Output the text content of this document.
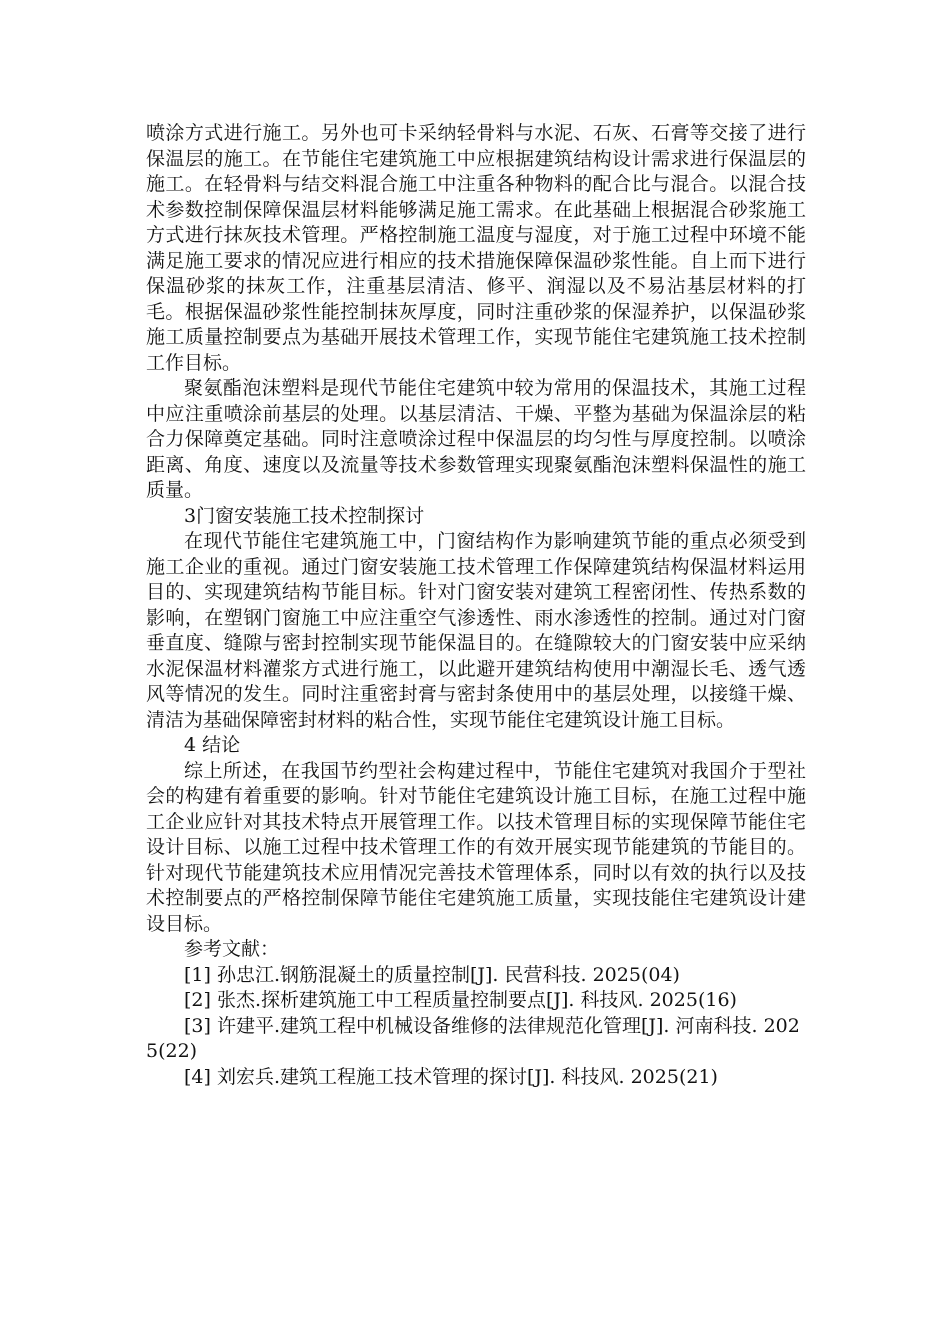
喷涂方式进行施工。另外也可卡采纳轻骨料与水泥、石灰、石膏等交接了进行保温层的施工。在节能住宅建筑施工中应根据建筑结构设计需求进行保温层的施工。在轻骨料与结交料混合施工中注重各种物料的配合比与混合。以混合技术参数控制保障保温层材料能够满足施工需求。在此基础上根据混合砂浆施工方式进行抹灰技术管理。严格控制施工温度与湿度，对于施工过程中环境不能满足施工要求的情况应进行相应的技术措施保障保温砂浆性能。自上而下进行保温砂浆的抹灰工作，注重基层清洁、修平、润湿以及不易沾基层材料的打毛。根据保温砂浆性能控制抹灰厚度，同时注重砂浆的保湿养护，以保温砂浆施工质量控制要点为基础开展技术管理工作，实现节能住宅建筑施工技术控制工作目标。

聚氨酯泡沫塑料是现代节能住宅建筑中较为常用的保温技术，其施工过程中应注重喷涂前基层的处理。以基层清洁、干燥、平整为基础为保温涂层的粘合力保障奠定基础。同时注意喷涂过程中保温层的均匀性与厚度控制。以喷涂距离、角度、速度以及流量等技术参数管理实现聚氨酯泡沫塑料保温性的施工质量。

3门窗安装施工技术控制探讨

在现代节能住宅建筑施工中，门窗结构作为影响建筑节能的重点必须受到施工企业的重视。通过门窗安装施工技术管理工作保障建筑结构保温材料运用目的、实现建筑结构节能目标。针对门窗安装对建筑工程密闭性、传热系数的影响，在塑钢门窗施工中应注重空气渗透性、雨水渗透性的控制。通过对门窗垂直度、缝隙与密封控制实现节能保温目的。在缝隙较大的门窗安装中应采纳水泥保温材料灌浆方式进行施工，以此避开建筑结构使用中潮湿长毛、透气透风等情况的发生。同时注重密封膏与密封条使用中的基层处理，以接缝干燥、清洁为基础保障密封材料的粘合性，实现节能住宅建筑设计施工目标。

4 结论

综上所述，在我国节约型社会构建过程中，节能住宅建筑对我国介于型社会的构建有着重要的影响。针对节能住宅建筑设计施工目标，在施工过程中施工企业应针对其技术特点开展管理工作。以技术管理目标的实现保障节能住宅设计目标、以施工过程中技术管理工作的有效开展实现节能建筑的节能目的。针对现代节能建筑技术应用情况完善技术管理体系，同时以有效的执行以及技术控制要点的严格控制保障节能住宅建筑施工质量，实现技能住宅建筑设计建设目标。

参考文献：

[1] 孙忠江.钢筋混凝土的质量控制[J]. 民营科技. 2025(04)

[2] 张杰.探析建筑施工中工程质量控制要点[J]. 科技风. 2025(16)

[3] 许建平.建筑工程中机械设备维修的法律规范化管理[J]. 河南科技. 2025(22)

[4] 刘宏兵.建筑工程施工技术管理的探讨[J]. 科技风. 2025(21)
